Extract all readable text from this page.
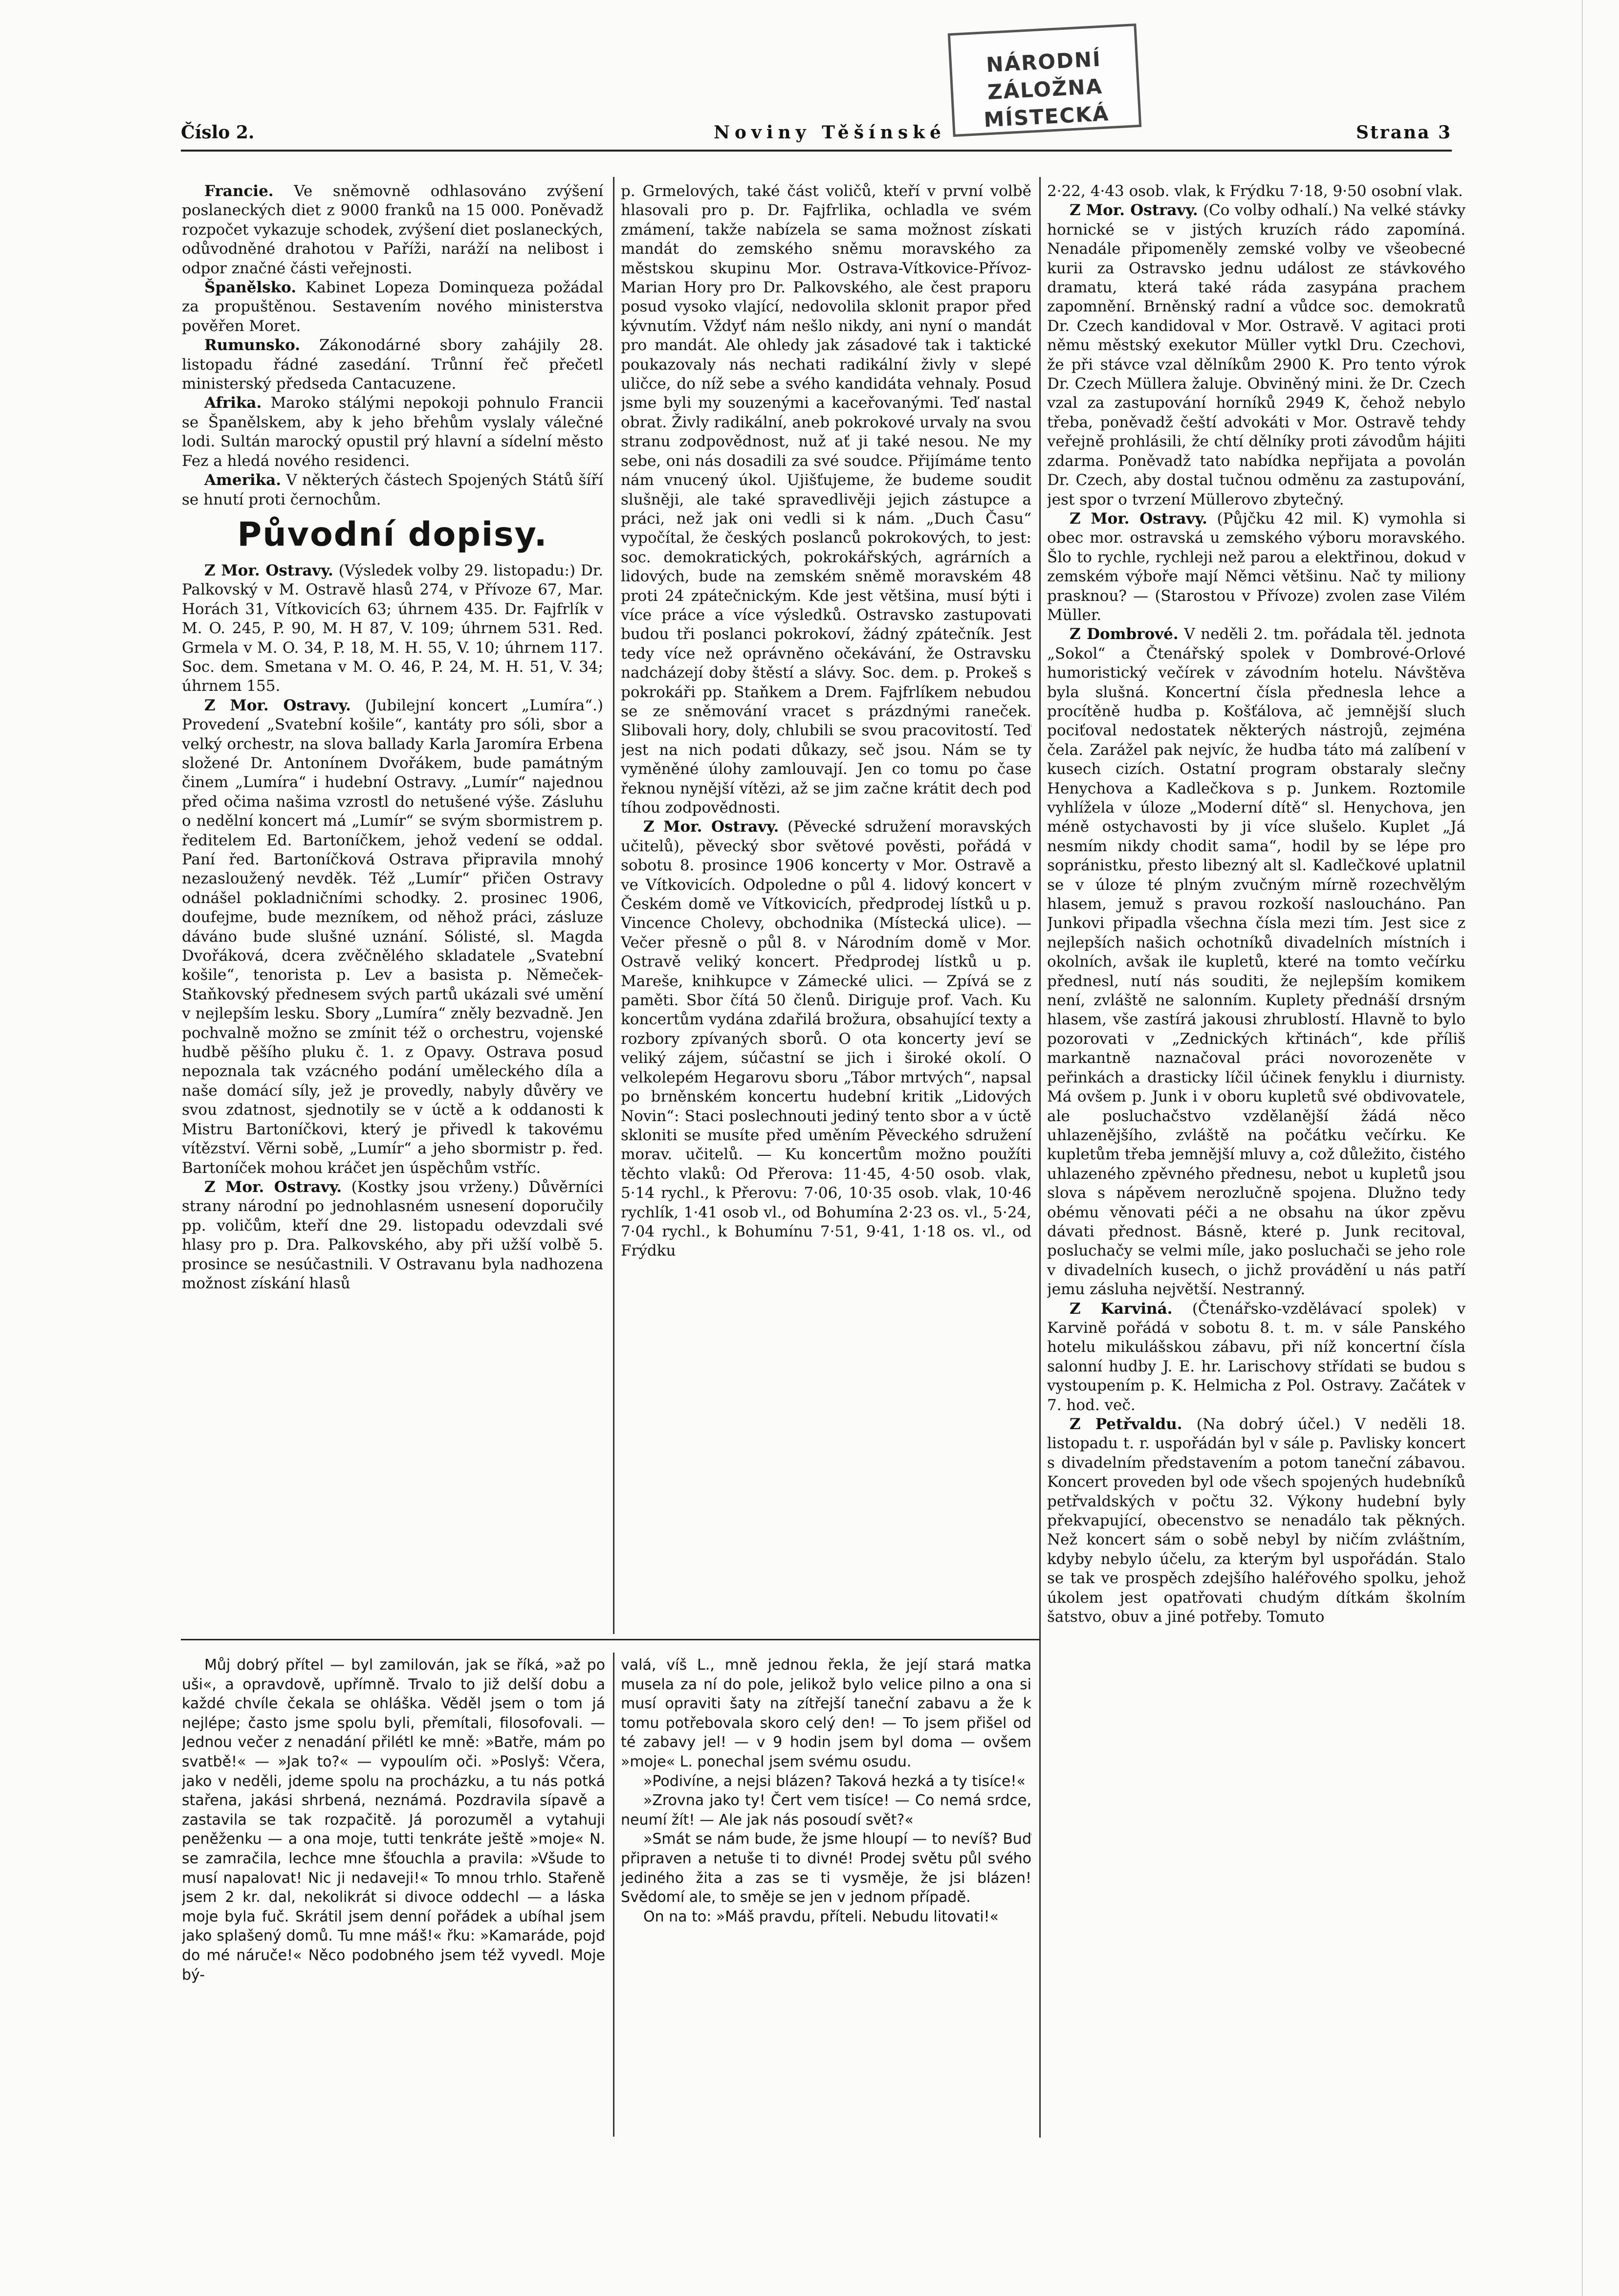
NÁRODNÍ ZÁLOŽNA
MÍSTECKÁ
Číslo 2.	Noviny Těšínské	Strana 3

Francie. Ve sněmovně odhlasováno zvýšení poslaneckých diet z 9000 franků na 15 000. Poněvadž rozpočet vykazuje schodek, zvýšení diet poslaneckých, odůvodněné drahotou v Paříži, naráží na nelibost i odpor značné části veřejnosti.

Španělsko. Kabinet Lopeza Dominqueza požádal za propuštěnou. Sestavením nového ministerstva pověřen Moret.

Rumunsko. Zákonodárné sbory zahájily 28. listopadu řádné zasedání. Trůnní řeč přečetl ministerský předseda Cantacuzene.

Afrika. Maroko stálými nepokoji pohnulo Francii se Španělskem, aby k jeho břehům vyslaly válečné lodi. Sultán marocký opustil prý hlavní a sídelní město Fez a hledá nového residenci.

Amerika. V některých částech Spojených Států šíří se hnutí proti černochům.

Původní dopisy.

Z Mor. Ostravy. (Výsledek volby 29. listopadu:) Dr. Palkovský v M. Ostravě hlasů 274, v Přívoze 67, Mar. Horách 31, Vítkovicích 63; úhrnem 435. Dr. Fajfrlík v M. O. 245, P. 90, M. H 87, V. 109; úhrnem 531. Red. Grmela v M. O. 34, P. 18, M. H. 55, V. 10; úhrnem 117. Soc. dem. Smetana v M. O. 46, P. 24, M. H. 51, V. 34; úhrnem 155.

Z Mor. Ostravy. (Jubilejní koncert „Lumíra“.) Provedení „Svatební košile“, kantáty pro sóli, sbor a velký orchestr, na slova ballady Karla Jaromíra Erbena složené Dr. Antonínem Dvořákem, bude památným činem „Lumíra“ i hudební Ostravy. „Lumír“ najednou před očima našima vzrostl do netušené výše. Zásluhu o nedělní koncert má „Lumír“ se svým sbormistrem p. ředitelem Ed. Bartoníčkem, jehož vedení se oddal. Paní řed. Bartoníčková Ostrava připravila mnohý nezasloužený nevděk. Též „Lumír“ přičen Ostravy odnášel pokladničními schodky. 2. prosinec 1906, doufejme, bude mezníkem, od něhož práci, zásluze dáváno bude slušné uznání. Sólisté, sl. Magda Dvořáková, dcera zvěčnělého skladatele „Svatební košile“, tenorista p. Lev a basista p. Němeček-Staňkovský přednesem svých partů ukázali své umění v nejlepším lesku. Sbory „Lumíra“ zněly bezvadně. Jen pochvalně možno se zmínit též o orchestru, vojenské hudbě pěšího pluku č. 1. z Opavy. Ostrava posud nepoznala tak vzácného podání uměleckého díla a naše domácí síly, jež je provedly, nabyly důvěry ve svou zdatnost, sjednotily se v úctě a k oddanosti k Mistru Bartoníčkovi, který je přivedl k takovému vítězství. Věrni sobě, „Lumír“ a jeho sbormistr p. řed. Bartoníček mohou kráčet jen úspěchům vstříc.

Z Mor. Ostravy. (Kostky jsou vrženy.) Důvěrníci strany národní po jednohlasném usnesení doporučily pp. voličům, kteří dne 29. listopadu odevzdali své hlasy pro p. Dra. Palkovského, aby při užší volbě 5. prosince se nesúčastnili. V Ostravanu byla nadhozena možnost získání hlasů

p. Grmelových, také část voličů, kteří v první volbě hlasovali pro p. Dr. Fajfrlika, ochladla ve svém zmámení, takže nabízela se sama možnost získati mandát do zemského sněmu moravského za městskou skupinu Mor. Ostrava-Vítkovice-Přívoz-Marian Hory pro Dr. Palkovského, ale čest praporu posud vysoko vlající, nedovolila sklonit prapor před kývnutím. Vždyť nám nešlo nikdy, ani nyní o mandát pro mandát. Ale ohledy jak zásadové tak i taktické poukazovaly nás nechati radikální živly v slepé uličce, do níž sebe a svého kandidáta vehnaly. Posud jsme byli my souzenými a kaceřovanými. Teď nastal obrat. Živly radikální, aneb pokrokové urvaly na svou stranu zodpovědnost, nuž ať ji také nesou. Ne my sebe, oni nás dosadili za své soudce. Přijímáme tento nám vnucený úkol. Ujišťujeme, že budeme soudit slušněji, ale také spravedlivěji jejich zástupce a práci, než jak oni vedli si k nám. „Duch Času“ vypočítal, že českých poslanců pokrokových, to jest: soc. demokratických, pokrokářských, agrárních a lidových, bude na zemském sněmě moravském 48 proti 24 zpátečnickým. Kde jest většina, musí býti i více práce a více výsledků. Ostravsko zastupovati budou tři poslanci pokrokoví, žádný zpátečník. Jest tedy více než oprávněno očekávání, že Ostravsku nadcházejí doby štěstí a slávy. Soc. dem. p. Prokeš s pokrokáři pp. Staňkem a Drem. Fajfrlíkem nebudou se ze sněmování vracet s prázdnými raneček. Slibovali hory, doly, chlubili se svou pracovitostí. Teď jest na nich podati důkazy, seč jsou. Nám se ty vyměněné úlohy zamlouvají. Jen co tomu po čase řeknou nynější vítězi, až se jim začne krátit dech pod tíhou zodpovědnosti.

Z Mor. Ostravy. (Pěvecké sdružení moravských učitelů), pěvecký sbor světové pověsti, pořádá v sobotu 8. prosince 1906 koncerty v Mor. Ostravě a ve Vítkovicích. Odpoledne o půl 4. lidový koncert v Českém domě ve Vítkovicích, předprodej lístků u p. Vincence Cholevy, obchodnika (Místecká ulice). — Večer přesně o půl 8. v Národním domě v Mor. Ostravě veliký koncert. Předprodej lístků u p. Mareše, knihkupce v Zámecké ulici. — Zpívá se z paměti. Sbor čítá 50 členů. Diriguje prof. Vach. Ku koncertům vydána zdařilá brožura, obsahující texty a rozbory zpívaných sborů. O ota koncerty jeví se veliký zájem, súčastní se jich i široké okolí. O velkolepém Hegarovu sboru „Tábor mrtvých“, napsal po brněnském koncertu hudební kritik „Lidových Novin“: Staci poslechnouti jediný tento sbor a v úctě skloniti se musíte před uměním Pěveckého sdružení morav. učitelů. — Ku koncertům možno použíti těchto vlaků: Od Přerova: 11·45, 4·50 osob. vlak, 5·14 rychl., k Přerovu: 7·06, 10·35 osob. vlak, 10·46 rychlík, 1·41 osob vl., od Bohumína 2·23 os. vl., 5·24, 7·04 rychl., k Bohumínu 7·51, 9·41, 1·18 os. vl., od Frýdku

2·22, 4·43 osob. vlak, k Frýdku 7·18, 9·50 osobní vlak.

Z Mor. Ostravy. (Co volby odhalí.) Na velké stávky hornické se v jistých kruzích rádo zapomíná. Nenadále připomeněly zemské volby ve všeobecné kurii za Ostravsko jednu událost ze stávkového dramatu, která také ráda zasypána prachem zapomnění. Brněnský radní a vůdce soc. demokratů Dr. Czech kandidoval v Mor. Ostravě. V agitaci proti němu městský exekutor Müller vytkl Dru. Czechovi, že při stávce vzal dělníkům 2900 K. Pro tento výrok Dr. Czech Müllera žaluje. Obviněný mini. že Dr. Czech vzal za zastupování horníků 2949 K, čehož nebylo třeba, poněvadž čeští advokáti v Mor. Ostravě tehdy veřejně prohlásili, že chtí dělníky proti závodům hájiti zdarma. Poněvadž tato nabídka nepřijata a povolán Dr. Czech, aby dostal tučnou odměnu za zastupování, jest spor o tvrzení Müllerovo zbytečný.

Z Mor. Ostravy. (Půjčku 42 mil. K) vymohla si obec mor. ostravská u zemského výboru moravského. Šlo to rychle, rychleji než parou a elektřinou, dokud v zemském výboře mají Němci většinu. Nač ty miliony prasknou? — (Starostou v Přívoze) zvolen zase Vilém Müller.

Z Dombrové. V neděli 2. tm. pořádala těl. jednota „Sokol“ a Čtenářský spolek v Dombrové-Orlové humoristický večírek v závodním hotelu. Návštěva byla slušná. Koncertní čísla přednesla lehce a procítěně hudba p. Košťálova, ač jemnější sluch pociťoval nedostatek některých nástrojů, zejména čela. Zarážel pak nejvíc, že hudba táto má zalíbení v kusech cizích. Ostatní program obstaraly slečny Henychova a Kadlečkova s p. Junkem. Roztomile vyhlížela v úloze „Moderní dítě“ sl. Henychova, jen méně ostychavosti by ji více slušelo. Kuplet „Já nesmím nikdy chodit sama“, hodil by se lépe pro sopránistku, přesto libezný alt sl. Kadlečkové uplatnil se v úloze té plným zvučným mírně rozechvělým hlasem, jemuž s pravou rozkoší naslouchánо. Pan Junkovi připadla všechna čísla mezi tím. Jest sice z nejlepších našich ochotníků divadelních místních i okolních, avšak ile kupletů, které na tomto večírku přednesl, nutí nás souditi, že nejlepším komikem není, zvláště ne salonním. Kuplety přednáší drsným hlasem, vše zastírá jakousi zhrublostí. Hlavně to bylo pozorovati v „Zednických křtinách“, kde příliš markantně naznačoval práci novorozeněte v peřinkách a drasticky líčil účinek fenyklu i diurnisty. Má ovšem p. Junk i v oboru kupletů své obdivovatele, ale posluchačstvo vzdělanější žádá něco uhlazenějšího, zvláště na počátku večírku. Ke kupletům třeba jemnější mluvy a, což důležito, čistého uhlazeného zpěvného přednesu, nebot u kupletů jsou slova s nápěvem nerozlučně spojena. Dlužno tedy obému věnovati péči a ne obsahu na úkor zpěvu dávati přednost. Básně, které p. Junk recitoval, posluchačy se velmi míle, jako posluchači se jeho role v divadelních kusech, o jichž provádění u nás patří jemu zásluha největší. Nestranný.

Z Karviná. (Čtenářsko-vzdělávací spolek) v Karvině pořádá v sobotu 8. t. m. v sále Panského hotelu mikulášskou zábavu, při níž koncertní čísla salonní hudby J. E. hr. Larischovy střídati se budou s vystoupením p. K. Helmicha z Pol. Ostravy. Začátek v 7. hod. več.

Z Petřvaldu. (Na dobrý účel.) V neděli 18. listopadu t. r. uspořádán byl v sále p. Pavlisky koncert s divadelním představením a potom taneční zábavou. Koncert proveden byl ode všech spojených hudebníků petřvaldských v počtu 32. Výkony hudební byly překvapující, obecenstvo se nenadálo tak pěkných. Než koncert sám o sobě nebyl by ničím zvláštním, kdyby nebylo účelu, za kterým byl uspořádán. Stalo se tak ve prospěch zdejšího haléřového spolku, jehož úkolem jest opatřovati chudým dítkám školním šatstvo, obuv a jiné potřeby. Tomuto

Můj dobrý přítel — byl zamilován, jak se říká, »až po uši«, a opravdově, upřímně. Trvalo to již delší dobu a každé chvíle čekala se ohláška. Věděl jsem o tom já nejlépe; často jsme spolu byli, přemítali, filosofovali. — Jednou večer z nenadání přilétl ke mně: »Batře, mám po svatbě!« — »Jak to?« — vypoulím oči. »Poslyš: Včera, jako v neděli, jdeme spolu na procházku, a tu nás potká stařena, jakási shrbená, neznámá. Pozdravila sípavě a zastavila se tak rozpačitě. Já porozuměl a vytahuji peněženku — a ona moje, tutti tenkráte ještě »moje« N. se zamračila, lechce mne šťouchla a pravila: »Všude to musí napalovat! Nic ji nedaveji!« To mnou trhlo. Stařeně jsem 2 kr. dal, nekolikrát si divoce oddechl — a láska moje byla fuč. Skrátil jsem denní pořádek a ubíhal jsem jako splašený domů. Tu mne máš!« řku: »Kamaráde, pojď do mé náruče!« Něco podobného jsem též vyvedl. Moje bý-

valá, víš L., mně jednou řekla, že její stará matka musela za ní do pole, jelikož bylo velice pilno a ona si musí opraviti šaty na zítřejší taneční zabavu a že k tomu potřebovala skoro celý den! — To jsem přišel od té zabavy jel! — v 9 hodin jsem byl doma — ovšem »moje« L. ponechal jsem svému osudu.

»Podivíne, a nejsi blázen? Taková hezká a ty tisíce!«

»Zrovna jako ty! Čert vem tisíce! — Co nemá srdce, neumí žít! — Ale jak nás posoudí svět?«

»Smát se nám bude, že jsme hloupí — to nevíš? Buď připraven a netuše ti to divné! Prodej světu půl svého jediného žita a zas se ti vysměje, že jsi blázen! Svědomí ale, to směje se jen v jednom případě.

On na to: »Máš pravdu, příteli. Nebudu litovati!«
